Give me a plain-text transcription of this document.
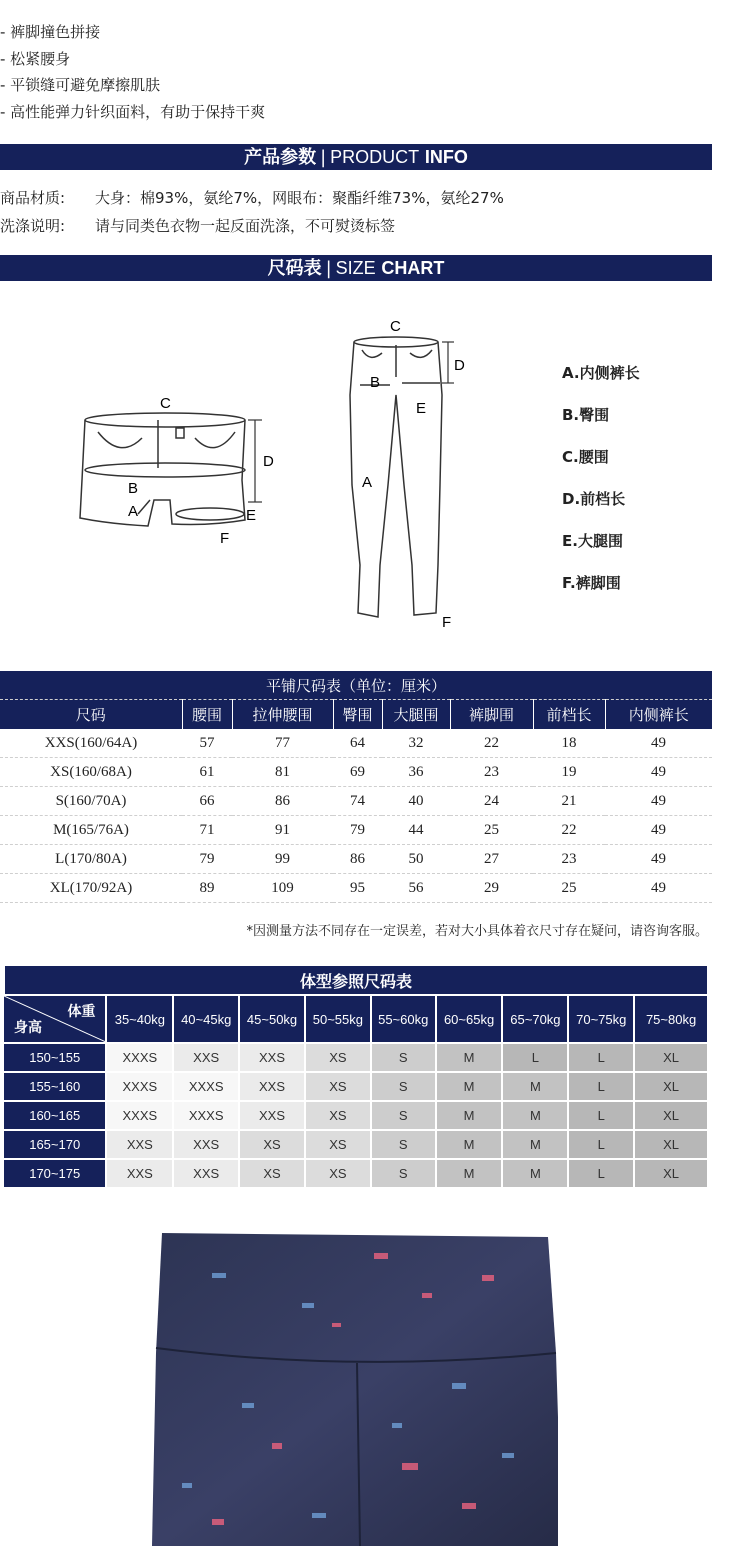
- 裤脚撞色拼接
- 松紧腰身
- 平锁缝可避免摩擦肌肤
- 高性能弹力针织面料，有助于保持干爽
产品参数 | PRODUCT INFO
商品材质: 大身：棉93%，氨纶7%，网眼布：聚酯纤维73%，氨纶27%
洗涤说明: 请与同类色衣物一起反面洗涤，不可熨烫标签
尺码表 | SIZE CHART
C
D
B
A	E
F
C
D
B
E
A
F
A.内侧裤长
B.臀围
C.腰围
D.前档长
E.大腿围
F.裤脚围
平铺尺码表（单位：厘米）							
尺码	腰围	拉伸腰围	臀围	大腿围	裤脚围	前档长	内侧裤长
XXS(160/64A)	57	77	64	32	22	18	49
XS(160/68A)	61	81	69	36	23	19	49
S(160/70A)	66	86	74	40	24	21	49
M(165/76A)	71	91	79	44	25	22	49
L(170/80A)	79	99	86	50	27	23	49
XL(170/92A)	89	109	95	56	29	25	49
*因测量方法不同存在一定误差，若对大小具体着衣尺寸存在疑问，请咨询客服。
体型参照尺码表									

体重
身高	35~40kg	40~45kg	45~50kg	50~55kg	55~60kg	60~65kg	65~70kg	70~75kg	75~80kg
150~155	XXXS	XXS	XXS	XS	S	M	L	L	XL
155~160	XXXS	XXXS	XXS	XS	S	M	M	L	XL
160~165	XXXS	XXXS	XXS	XS	S	M	M	L	XL
165~170	XXS	XXS	XS	XS	S	M	M	L	XL
170~175	XXS	XXS	XS	XS	S	M	M	L	XL
